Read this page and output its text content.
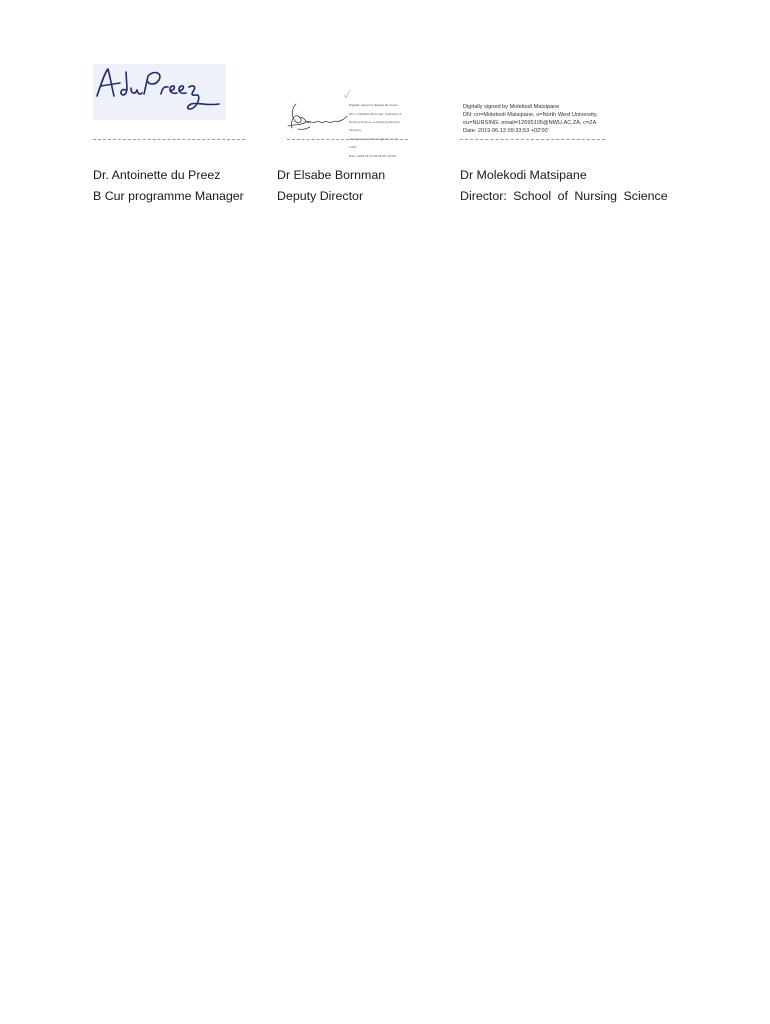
Digitally signed by Elsabe Bornman

DN: cn=Elsabe Bornman, o=School of

Nursing Science, ou=Deputy Director

Services,

email=elsabe.bornman@nwu.ac.za,

c=ZA

Date: 2019.06.13 09:33:55 +02'00'

Digitally signed by Molekodi Matsipane
DN: cn=Molekodi Matsipane, o=North West University,
ou=NURSING, email=12695105@NWU.AC.ZA, c=ZA
Date: 2019.06.13 09:33:53 +02'00'
Dr. Antoinette du Preez	Dr Elsabe Bornman	Dr Molekodi Matsipane
B Cur programme Manager	Deputy Director	Director: School of Nursing Science
